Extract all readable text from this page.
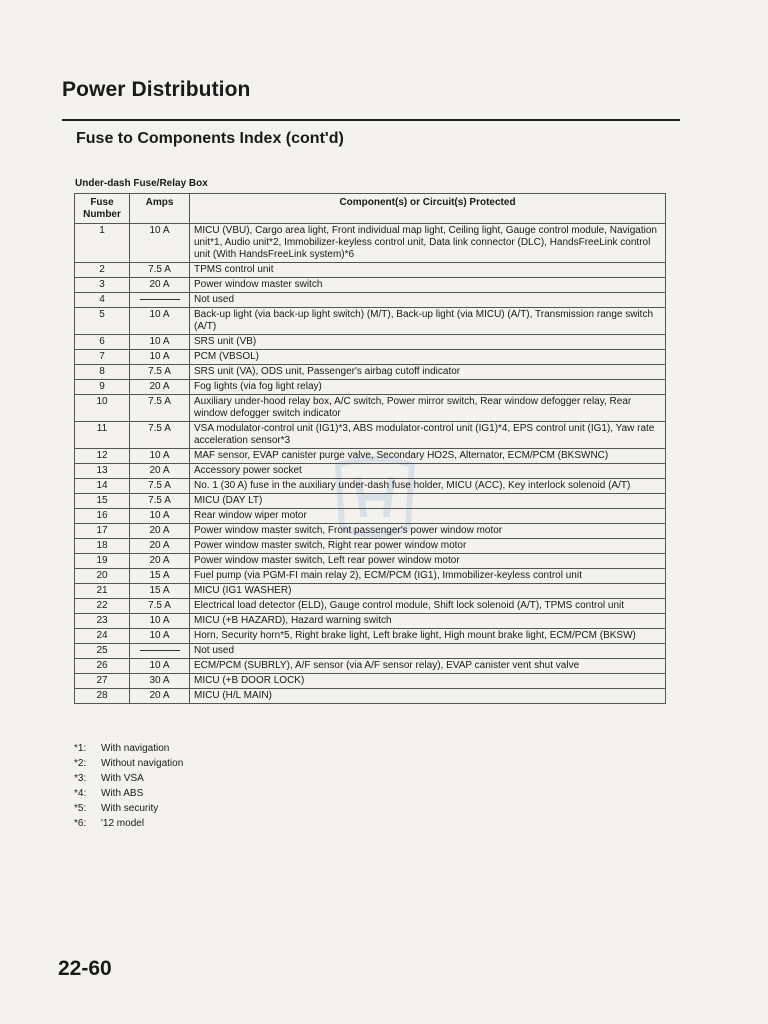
Power Distribution
Fuse to Components Index (cont'd)
Under-dash Fuse/Relay Box
Fuse Number	Amps	Component(s) or Circuit(s) Protected
1	10 A	MICU (VBU), Cargo area light, Front individual map light, Ceiling light, Gauge control module, Navigation unit*1, Audio unit*2, Immobilizer-keyless control unit, Data link connector (DLC), HandsFreeLink control unit (With HandsFreeLink system)*6
2	7.5 A	TPMS control unit
3	20 A	Power window master switch
4		Not used
5	10 A	Back-up light (via back-up light switch) (M/T), Back-up light (via MICU) (A/T), Transmission range switch (A/T)
6	10 A	SRS unit (VB)
7	10 A	PCM (VBSOL)
8	7.5 A	SRS unit (VA), ODS unit, Passenger's airbag cutoff indicator
9	20 A	Fog lights (via fog light relay)
10	7.5 A	Auxiliary under-hood relay box, A/C switch, Power mirror switch, Rear window defogger relay, Rear window defogger switch indicator
11	7.5 A	VSA modulator-control unit (IG1)*3, ABS modulator-control unit (IG1)*4, EPS control unit (IG1), Yaw rate acceleration sensor*3
12	10 A	MAF sensor, EVAP canister purge valve, Secondary HO2S, Alternator, ECM/PCM (BKSWNC)
13	20 A	Accessory power socket
14	7.5 A	No. 1 (30 A) fuse in the auxiliary under-dash fuse holder, MICU (ACC), Key interlock solenoid (A/T)
15	7.5 A	MICU (DAY LT)
16	10 A	Rear window wiper motor
17	20 A	Power window master switch, Front passenger's power window motor
18	20 A	Power window master switch, Right rear power window motor
19	20 A	Power window master switch, Left rear power window motor
20	15 A	Fuel pump (via PGM-FI main relay 2), ECM/PCM (IG1), Immobilizer-keyless control unit
21	15 A	MICU (IG1 WASHER)
22	7.5 A	Electrical load detector (ELD), Gauge control module, Shift lock solenoid (A/T), TPMS control unit
23	10 A	MICU (+B HAZARD), Hazard warning switch
24	10 A	Horn, Security horn*5, Right brake light, Left brake light, High mount brake light, ECM/PCM (BKSW)
25		Not used
26	10 A	ECM/PCM (SUBRLY), A/F sensor (via A/F sensor relay), EVAP canister vent shut valve
27	30 A	MICU (+B DOOR LOCK)
28	20 A	MICU (H/L MAIN)
*1:	With navigation
*2:	Without navigation
*3:	With VSA
*4:	With ABS
*5:	With security
*6:	'12 model
22-60
